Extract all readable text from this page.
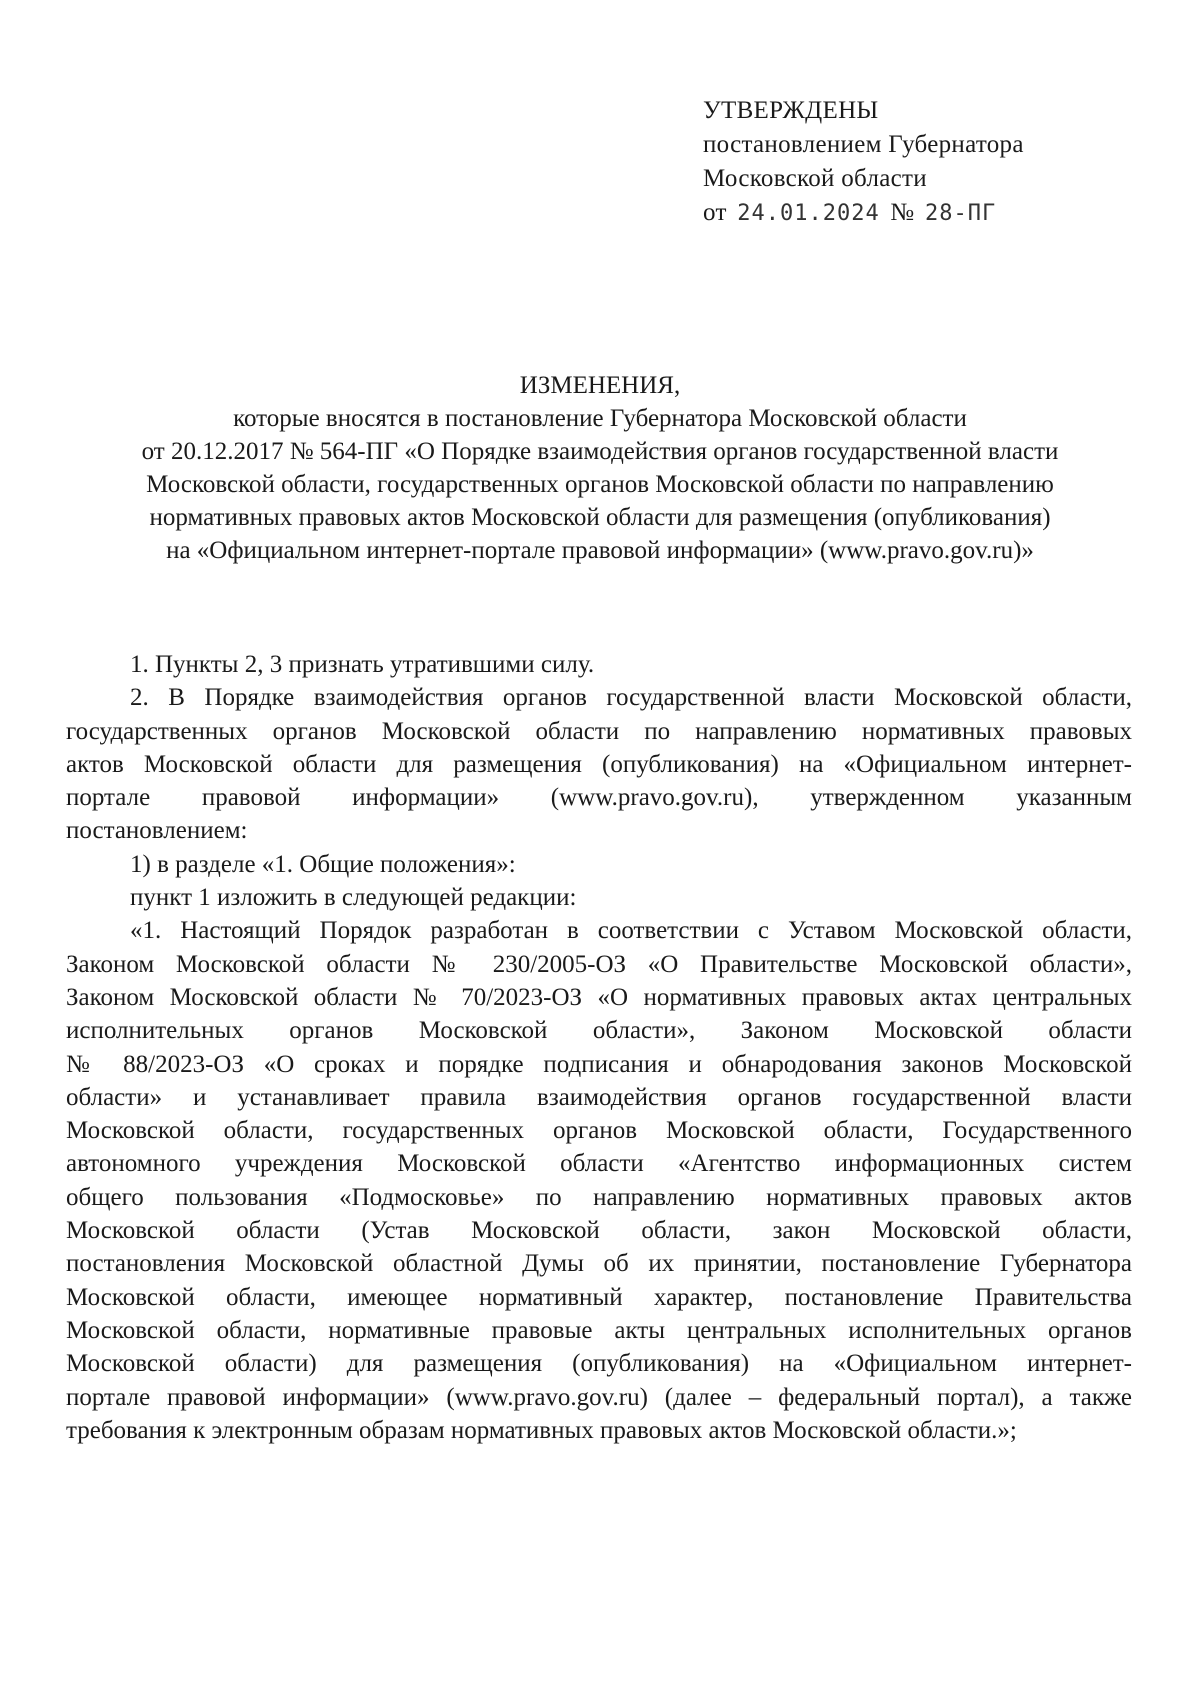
УТВЕРЖДЕНЫ
постановлением Губернатора
Московской области
от 24.01.2024 № 28-ПГ
ИЗМЕНЕНИЯ,
которые вносятся в постановление Губернатора Московской области
от 20.12.2017 № 564-ПГ «О Порядке взаимодействия органов государственной власти
Московской области, государственных органов Московской области по направлению
нормативных правовых актов Московской области для размещения (опубликования)
на «Официальном интернет-портале правовой информации» (www.pravo.gov.ru)»
1. Пункты 2, 3 признать утратившими силу.
2. В Порядке взаимодействия органов государственной власти Московской области,
государственных органов Московской области по направлению нормативных правовых
актов Московской области для размещения (опубликования) на «Официальном интернет-
портале правовой информации» (www.pravo.gov.ru), утвержденном указанным
постановлением:
1) в разделе «1. Общие положения»:
пункт 1 изложить в следующей редакции:
«1. Настоящий Порядок разработан в соответствии с Уставом Московской области,
Законом Московской области № 230/2005-ОЗ «О Правительстве Московской области»,
Законом Московской области № 70/2023-ОЗ «О нормативных правовых актах центральных
исполнительных органов Московской области», Законом Московской области
№ 88/2023-ОЗ «О сроках и порядке подписания и обнародования законов Московской
области» и устанавливает правила взаимодействия органов государственной власти
Московской области, государственных органов Московской области, Государственного
автономного учреждения Московской области «Агентство информационных систем
общего пользования «Подмосковье» по направлению нормативных правовых актов
Московской области (Устав Московской области, закон Московской области,
постановления Московской областной Думы об их принятии, постановление Губернатора
Московской области, имеющее нормативный характер, постановление Правительства
Московской области, нормативные правовые акты центральных исполнительных органов
Московской области) для размещения (опубликования) на «Официальном интернет-
портале правовой информации» (www.pravo.gov.ru) (далее – федеральный портал), а также
требования к электронным образам нормативных правовых актов Московской области.»;
